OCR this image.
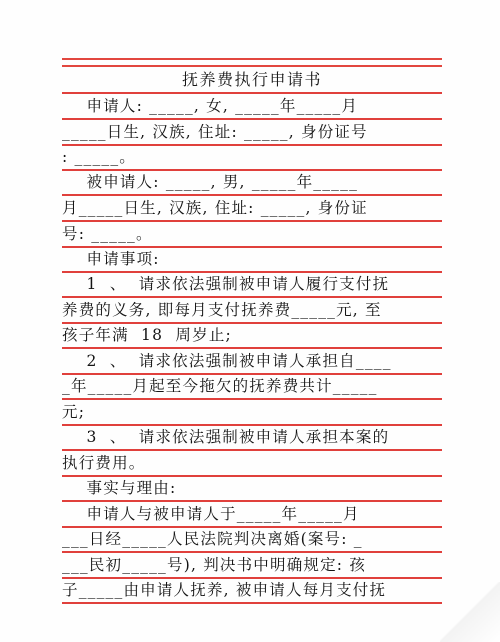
抚养费执行申请书
申请人: _____, 女, _____年_____月
_____日生, 汉族, 住址: _____, 身份证号
: _____。
被申请人: _____, 男, _____年_____
月_____日生, 汉族, 住址: _____, 身份证
号: _____。
申请事项:
1  、  请求依法强制被申请人履行支付抚
养费的义务, 即每月支付抚养费_____元, 至
孩子年满  18  周岁止;
2  、  请求依法强制被申请人承担自____
_年_____月起至今拖欠的抚养费共计_____
元;
3  、  请求依法强制被申请人承担本案的
执行费用。
事实与理由:
申请人与被申请人于_____年_____月
___日经_____人民法院判决离婚(案号: _
___民初_____号), 判决书中明确规定: 孩
子_____由申请人抚养, 被申请人每月支付抚
